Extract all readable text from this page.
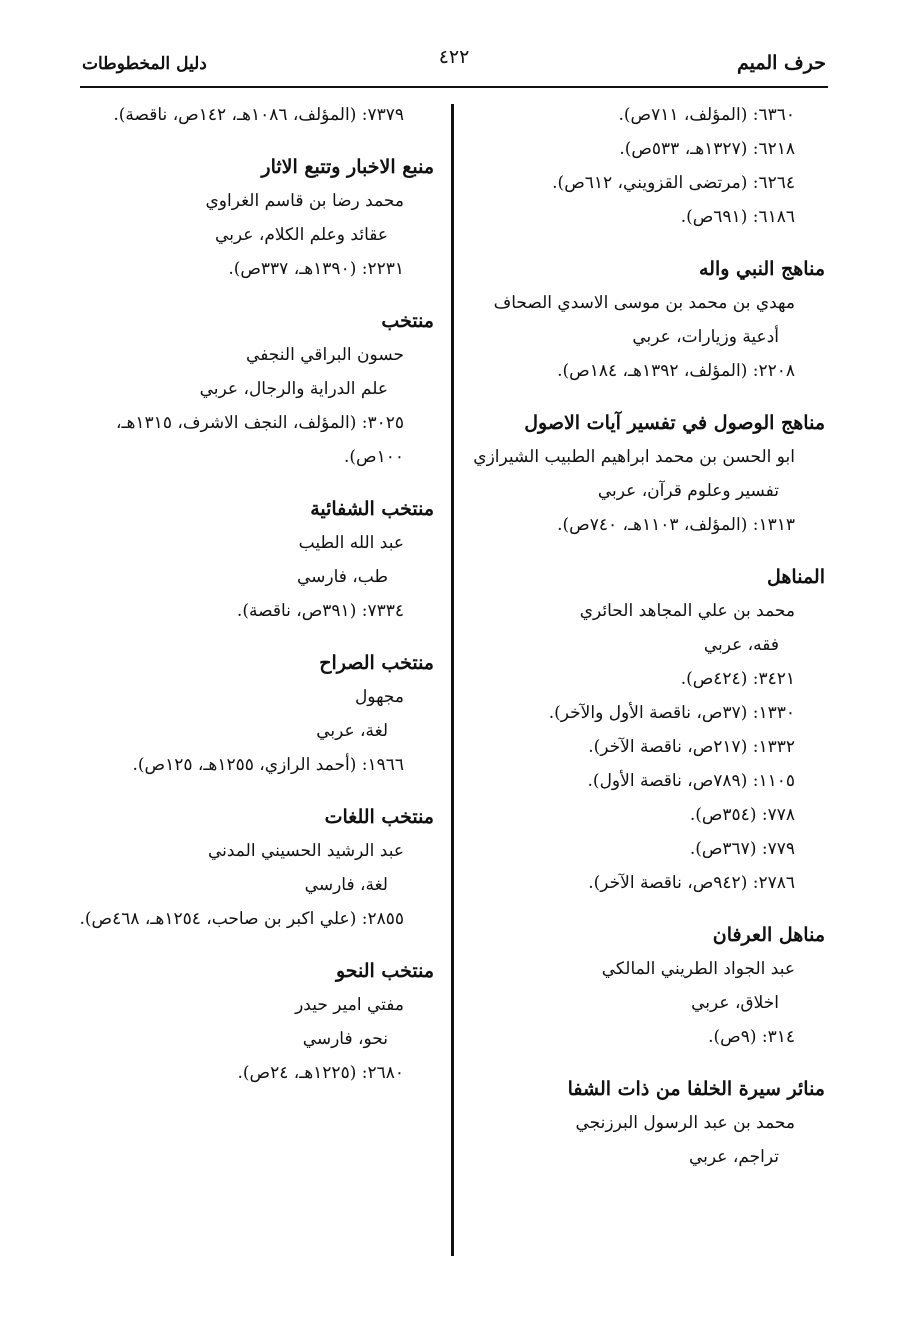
حرف الميم
٤٢٢
دليل المخطوطات
٦٣٦٠: (المؤلف، ٧١١ص).
٦٢١٨: (١٣٢٧هـ، ٥٣٣ص).
٦٢٦٤: (مرتضى القزويني، ٦١٢ص).
٦١٨٦: (٦٩١ص).
مناهج النبي واله
مهدي بن محمد بن موسى الاسدي الصحاف
أدعية وزيارات، عربي
٢٢٠٨: (المؤلف، ١٣٩٢هـ، ١٨٤ص).
مناهج الوصول في تفسير آيات الاصول
ابو الحسن بن محمد ابراهيم الطبيب الشيرازي
تفسير وعلوم قرآن، عربي
١٣١٣: (المؤلف، ١١٠٣هـ، ٧٤٠ص).
المناهل
محمد بن علي المجاهد الحائري
فقه، عربي
٣٤٢١: (٤٢٤ص).
١٣٣٠: (٣٧ص، ناقصة الأول والآخر).
١٣٣٢: (٢١٧ص، ناقصة الآخر).
١١٠٥: (٧٨٩ص، ناقصة الأول).
٧٧٨: (٣٥٤ص).
٧٧٩: (٣٦٧ص).
٢٧٨٦: (٩٤٢ص، ناقصة الآخر).
مناهل العرفان
عبد الجواد الطريني المالكي
اخلاق، عربي
٣١٤: (٩ص).
منائر سيرة الخلفا من ذات الشفا
محمد بن عبد الرسول البرزنجي
تراجم، عربي
٧٣٧٩: (المؤلف، ١٠٨٦هـ، ١٤٢ص، ناقصة).
منبع الاخبار وتتبع الاثار
محمد رضا بن قاسم الغراوي
عقائد وعلم الكلام، عربي
٢٢٣١: (١٣٩٠هـ، ٣٣٧ص).
منتخب
حسون البراقي النجفي
علم الدراية والرجال، عربي
٣٠٢٥: (المؤلف، النجف الاشرف، ١٣١٥هـ، ١٠٠ص).
منتخب الشفائية
عبد الله الطيب
طب، فارسي
٧٣٣٤: (٣٩١ص، ناقصة).
منتخب الصراح
مجهول
لغة، عربي
١٩٦٦: (أحمد الرازي، ١٢٥٥هـ، ١٢٥ص).
منتخب اللغات
عبد الرشيد الحسيني المدني
لغة، فارسي
٢٨٥٥: (علي اكبر بن صاحب، ١٢٥٤هـ، ٤٦٨ص).
منتخب النحو
مفتي امير حيدر
نحو، فارسي
٢٦٨٠: (١٢٢٥هـ، ٢٤ص).
